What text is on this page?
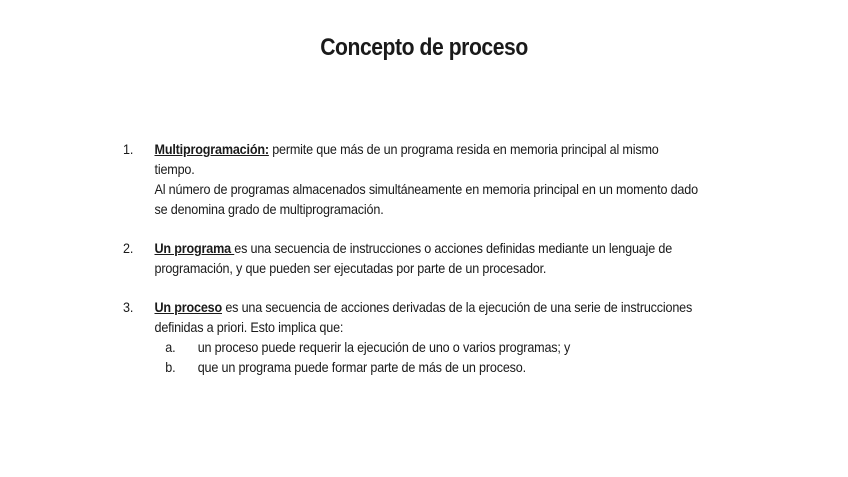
Concepto de proceso
1. Multiprogramación: permite que más de un programa resida en memoria principal al mismo tiempo.
Al número de programas almacenados simultáneamente en memoria principal en un momento dado se denomina grado de multiprogramación.
2. Un programa es una secuencia de instrucciones o acciones definidas mediante un lenguaje de programación, y que pueden ser ejecutadas por parte de un procesador.
3. Un proceso es una secuencia de acciones derivadas de la ejecución de una serie de instrucciones definidas a priori. Esto implica que:
a. un proceso puede requerir la ejecución de uno o varios programas; y
b. que un programa puede formar parte de más de un proceso.
